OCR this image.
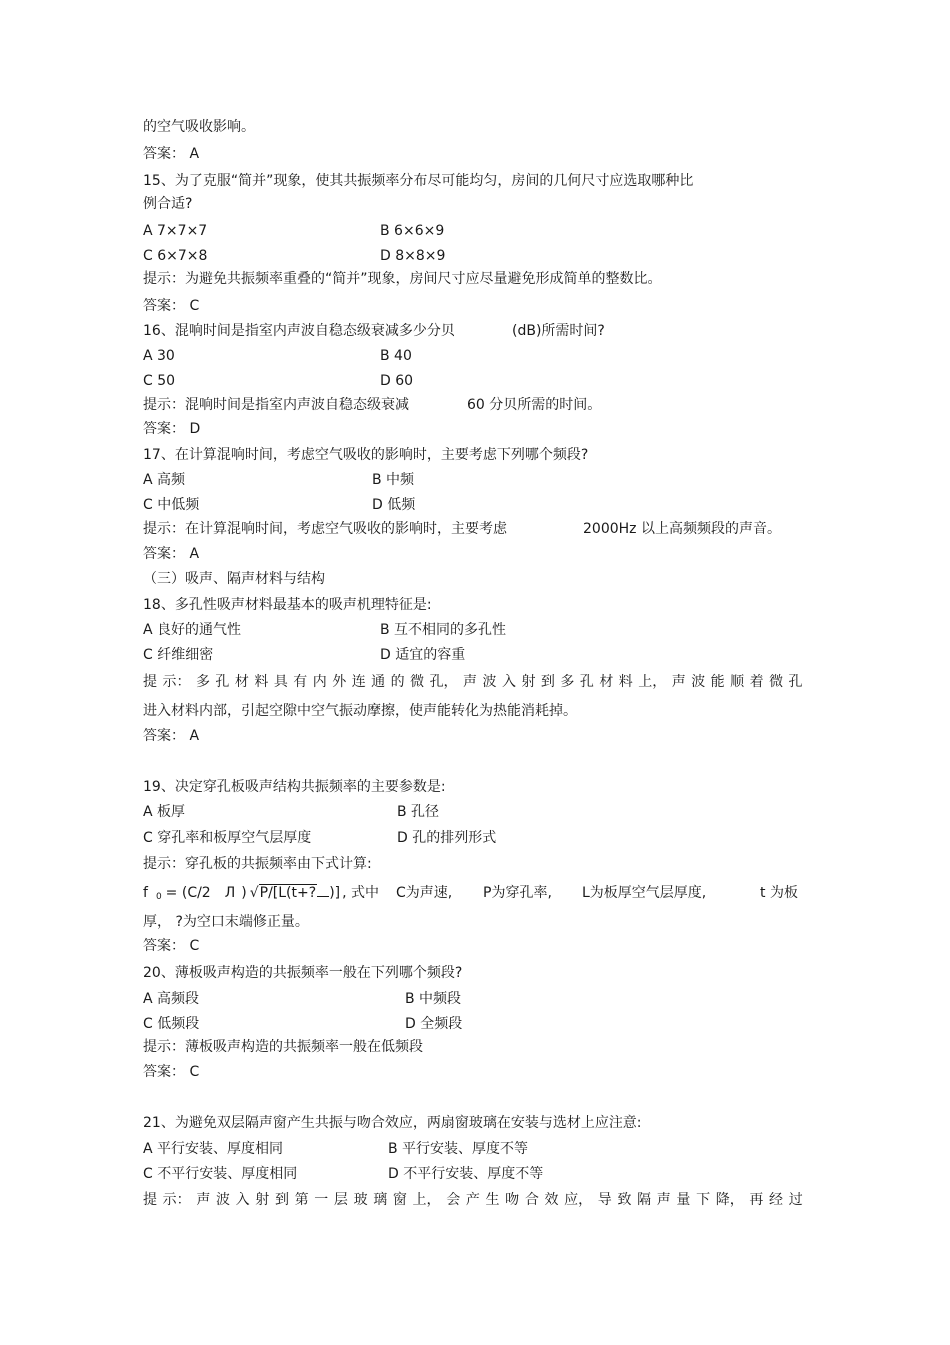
的空气吸收影响。
答案： A
15、为了克服“简并”现象，使其共振频率分布尽可能均匀，房间的几何尺寸应选取哪种比
例合适?
A 7×7×7	B 6×6×9
C 6×7×8	D 8×8×9
提示：为避免共振频率重叠的“简并”现象，房间尺寸应尽量避免形成简单的整数比。
答案： C
16、混响时间是指室内声波自稳态级衰减多少分贝	(dB)所需时间?
A 30	B 40
C 50	D 60
提示：混响时间是指室内声波自稳态级衰减	60 分贝所需的时间。
答案： D
17、在计算混响时间，考虑空气吸收的影响时，主要考虑下列哪个频段?
A 高频	B 中频
C 中低频	D 低频
提示：在计算混响时间，考虑空气吸收的影响时，主要考虑	2000Hz 以上高频频段的声音。
答案： A
（三）吸声、隔声材料与结构
18、多孔性吸声材料最基本的吸声机理特征是:
A 良好的通气性	B 互不相同的多孔性
C 纤维细密	D 适宜的容重
提 示： 多 孔 材 料 具 有 内 外 连 通 的 微 孔， 声 波 入 射 到 多 孔 材 料 上， 声 波 能 顺 着 微 孔
进入材料内部，引起空隙中空气振动摩擦，使声能转化为热能消耗掉。
答案： A
19、决定穿孔板吸声结构共振频率的主要参数是:
A 板厚	B 孔径
C 穿孔率和板厚空气层厚度	D 孔的排列形式
提示：穿孔板的共振频率由下式计算:
f 0 = (C/2 Л ) √P/[L(t+? )] , 式中 C为声速, P为穿孔率, L为板厚空气层厚度,	t 为板
厚， ?为空口末端修正量。
答案： C
20、薄板吸声构造的共振频率一般在下列哪个频段?
A 高频段	B 中频段
C 低频段	D 全频段
提示：薄板吸声构造的共振频率一般在低频段
答案： C
21、为避免双层隔声窗产生共振与吻合效应，两扇窗玻璃在安装与选材上应注意:
A 平行安装、厚度相同	B 平行安装、厚度不等
C 不平行安装、厚度相同	D 不平行安装、厚度不等
提 示： 声 波 入 射 到 第 一 层 玻 璃 窗 上， 会 产 生 吻 合 效 应， 导 致 隔 声 量 下 降， 再 经 过
